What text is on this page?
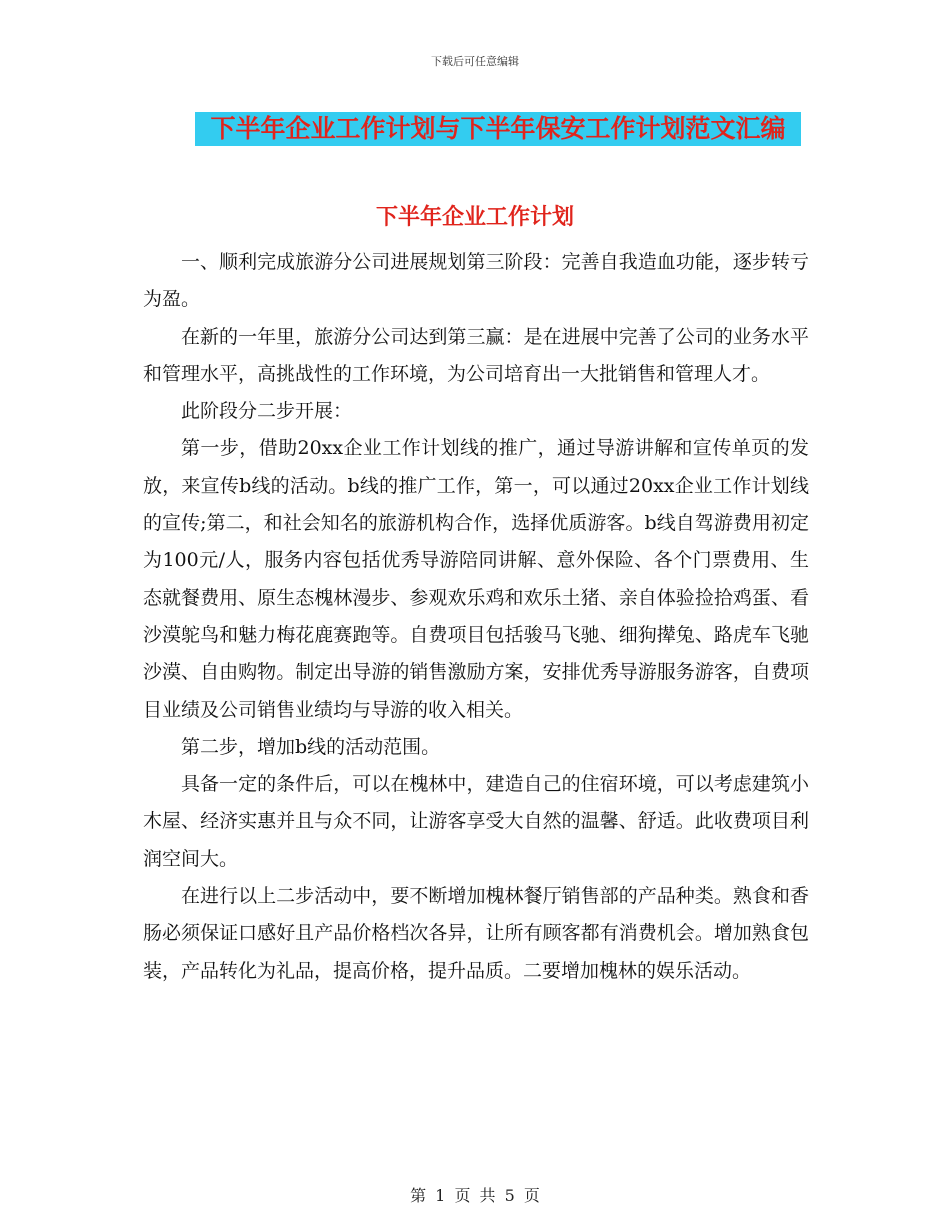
下载后可任意编辑
下半年企业工作计划与下半年保安工作计划范文汇编
下半年企业工作计划

一、顺利完成旅游分公司进展规划第三阶段：完善自我造血功能，逐步转亏为盈。

在新的一年里，旅游分公司达到第三赢：是在进展中完善了公司的业务水平和管理水平，高挑战性的工作环境，为公司培育出一大批销售和管理人才。

此阶段分二步开展：

第一步，借助20xx企业工作计划线的推广，通过导游讲解和宣传单页的发放，来宣传b线的活动。b线的推广工作，第一，可以通过20xx企业工作计划线的宣传;第二，和社会知名的旅游机构合作，选择优质游客。b线自驾游费用初定为100元/人，服务内容包括优秀导游陪同讲解、意外保险、各个门票费用、生态就餐费用、原生态槐林漫步、参观欢乐鸡和欢乐土猪、亲自体验捡拾鸡蛋、看沙漠鸵鸟和魅力梅花鹿赛跑等。自费项目包括骏马飞驰、细狗撵兔、路虎车飞驰沙漠、自由购物。制定出导游的销售激励方案，安排优秀导游服务游客，自费项目业绩及公司销售业绩均与导游的收入相关。

第二步，增加b线的活动范围。

具备一定的条件后，可以在槐林中，建造自己的住宿环境，可以考虑建筑小木屋、经济实惠并且与众不同，让游客享受大自然的温馨、舒适。此收费项目利润空间大。

在进行以上二步活动中，要不断增加槐林餐厅销售部的产品种类。熟食和香肠必须保证口感好且产品价格档次各异，让所有顾客都有消费机会。增加熟食包装，产品转化为礼品，提高价格，提升品质。二要增加槐林的娱乐活动。

第 1 页 共 5 页
